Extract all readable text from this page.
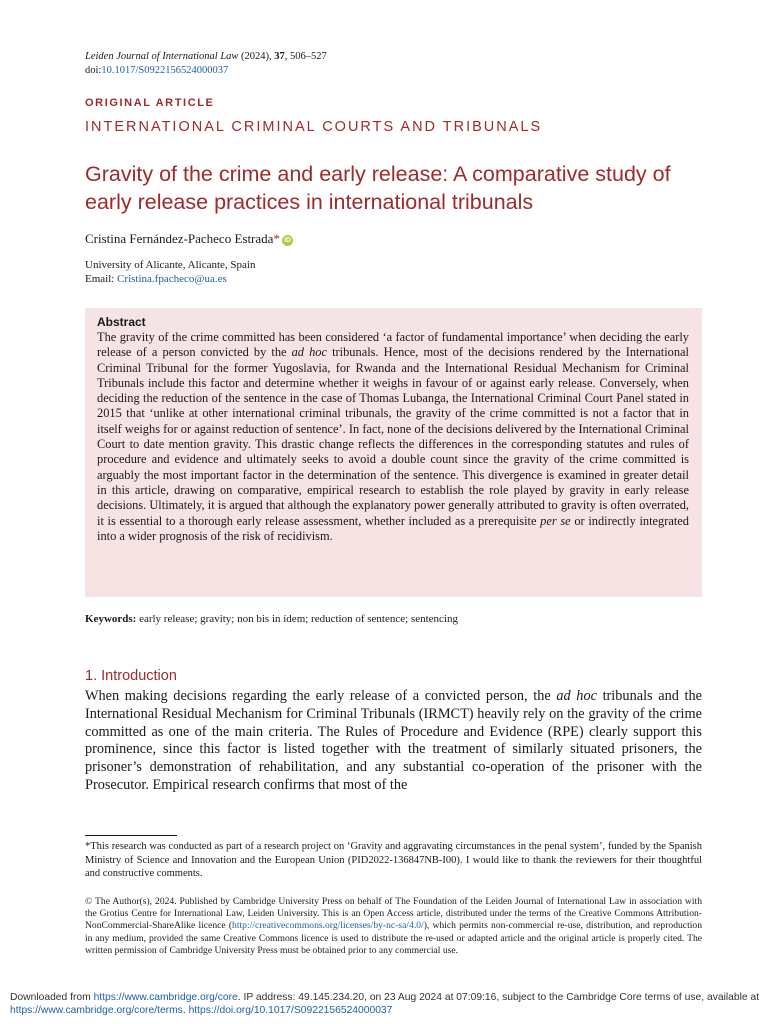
Leiden Journal of International Law (2024), 37, 506–527
doi:10.1017/S0922156524000037
ORIGINAL ARTICLE
INTERNATIONAL CRIMINAL COURTS AND TRIBUNALS
Gravity of the crime and early release: A comparative study of early release practices in international tribunals
Cristina Fernández-Pacheco Estrada* iD
University of Alicante, Alicante, Spain
Email: Cristina.fpacheco@ua.es
Abstract
The gravity of the crime committed has been considered ‘a factor of fundamental importance’ when deciding the early release of a person convicted by the ad hoc tribunals. Hence, most of the decisions rendered by the International Criminal Tribunal for the former Yugoslavia, for Rwanda and the International Residual Mechanism for Criminal Tribunals include this factor and determine whether it weighs in favour of or against early release. Conversely, when deciding the reduction of the sentence in the case of Thomas Lubanga, the International Criminal Court Panel stated in 2015 that ‘unlike at other international criminal tribunals, the gravity of the crime committed is not a factor that in itself weighs for or against reduction of sentence’. In fact, none of the decisions delivered by the International Criminal Court to date mention gravity. This drastic change reflects the differences in the corresponding statutes and rules of procedure and evidence and ultimately seeks to avoid a double count since the gravity of the crime committed is arguably the most important factor in the determination of the sentence. This divergence is examined in greater detail in this article, drawing on comparative, empirical research to establish the role played by gravity in early release decisions. Ultimately, it is argued that although the explanatory power generally attributed to gravity is often overrated, it is essential to a thorough early release assessment, whether included as a prerequisite per se or indirectly integrated into a wider prognosis of the risk of recidivism.
Keywords: early release; gravity; non bis in ídem; reduction of sentence; sentencing
1. Introduction
When making decisions regarding the early release of a convicted person, the ad hoc tribunals and the International Residual Mechanism for Criminal Tribunals (IRMCT) heavily rely on the gravity of the crime committed as one of the main criteria. The Rules of Procedure and Evidence (RPE) clearly support this prominence, since this factor is listed together with the treatment of similarly situated prisoners, the prisoner’s demonstration of rehabilitation, and any substantial co-operation of the prisoner with the Prosecutor. Empirical research confirms that most of the
*This research was conducted as part of a research project on ‘Gravity and aggravating circumstances in the penal system’, funded by the Spanish Ministry of Science and Innovation and the European Union (PID2022-136847NB-I00). I would like to thank the reviewers for their thoughtful and constructive comments.
© The Author(s), 2024. Published by Cambridge University Press on behalf of The Foundation of the Leiden Journal of International Law in association with the Grotius Centre for International Law, Leiden University. This is an Open Access article, distributed under the terms of the Creative Commons Attribution-NonCommercial-ShareAlike licence (http://creativecommons.org/licenses/by-nc-sa/4.0/), which permits non-commercial re-use, distribution, and reproduction in any medium, provided the same Creative Commons licence is used to distribute the re-used or adapted article and the original article is properly cited. The written permission of Cambridge University Press must be obtained prior to any commercial use.
Downloaded from https://www.cambridge.org/core. IP address: 49.145.234.20, on 23 Aug 2024 at 07:09:16, subject to the Cambridge Core terms of use, available at
https://www.cambridge.org/core/terms. https://doi.org/10.1017/S0922156524000037
